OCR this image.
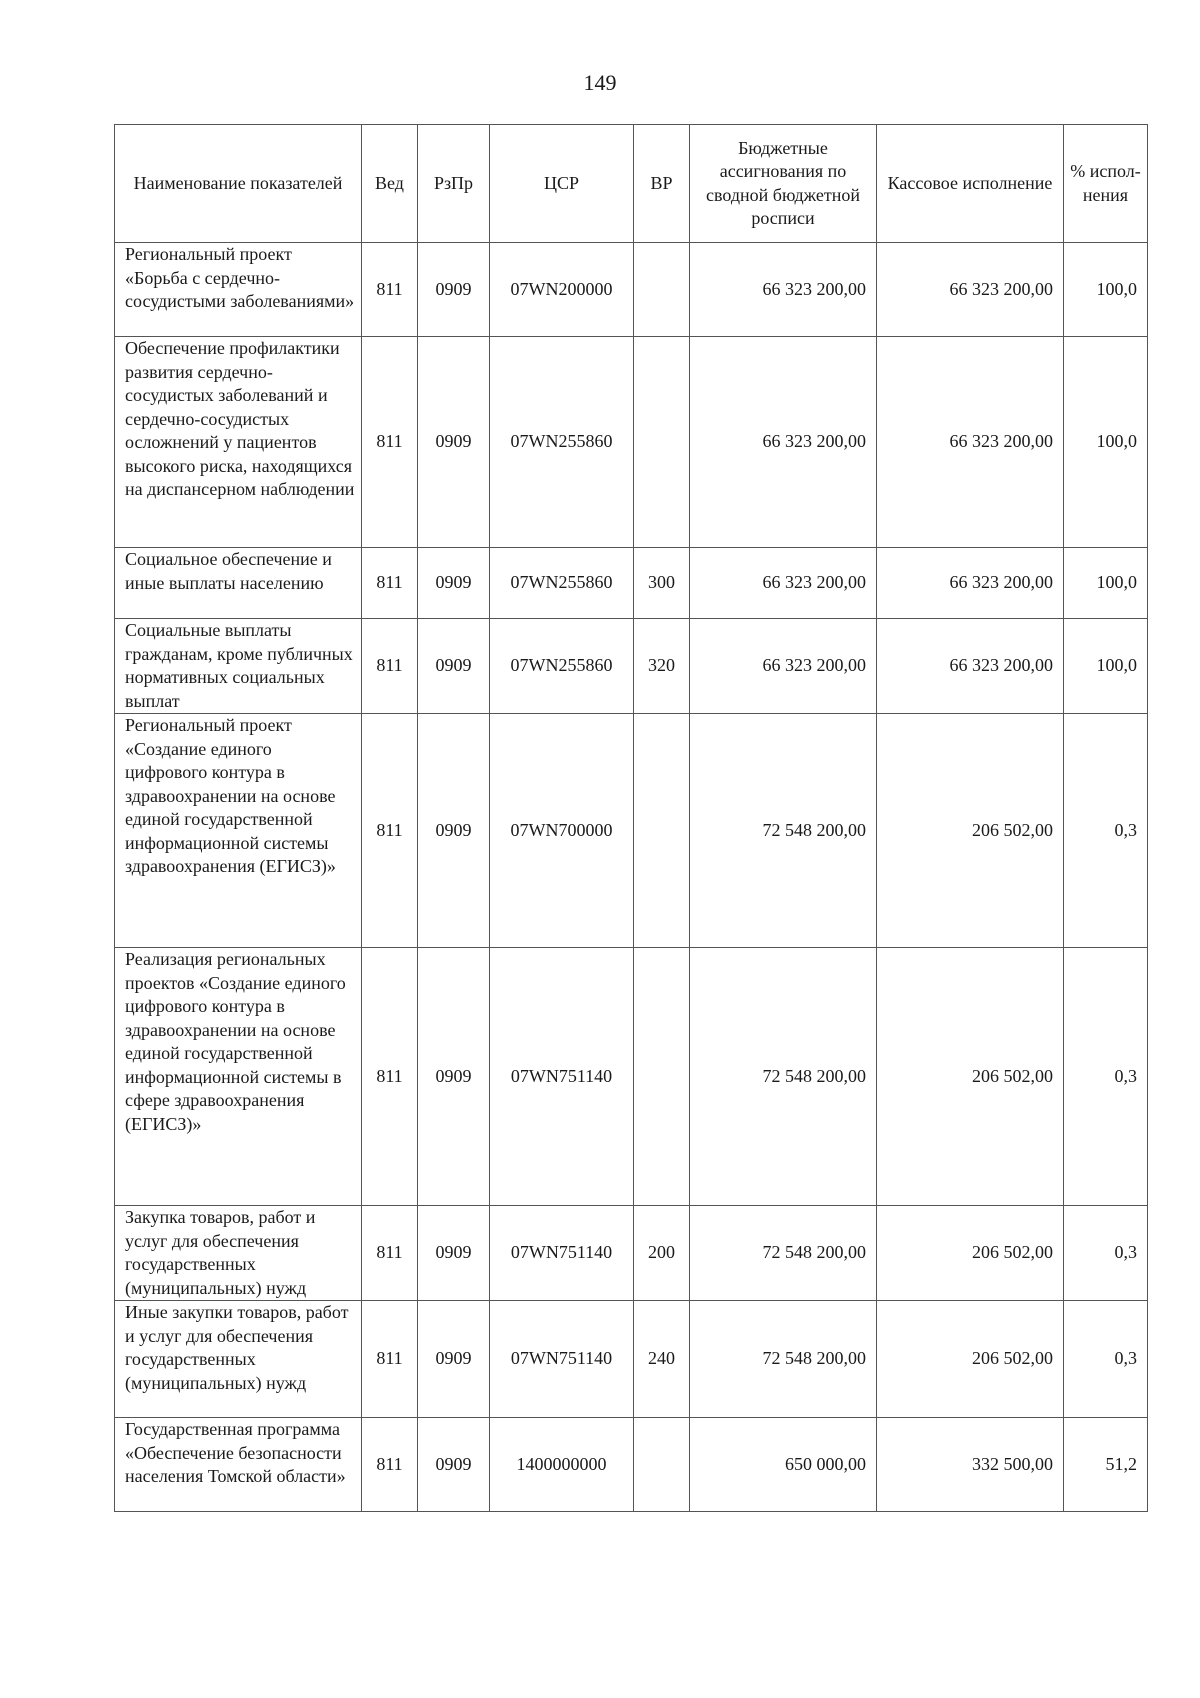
149
Наименование показателей	Вед	РзПр	ЦСР	ВР	Бюджетные ассигнования по сводной бюджетной росписи	Кассовое исполнение	% испол-нения
Региональный проект «Борьба с сердечно-сосудистыми заболеваниями»	811	0909	07WN200000		66 323 200,00	66 323 200,00	100,0
Обеспечение профилактики развития сердечно-сосудистых заболеваний и сердечно-сосудистых осложнений у пациентов высокого риска, находящихся на диспансерном наблюдении	811	0909	07WN255860		66 323 200,00	66 323 200,00	100,0
Социальное обеспечение и иные выплаты населению	811	0909	07WN255860	300	66 323 200,00	66 323 200,00	100,0
Социальные выплаты гражданам, кроме публичных нормативных социальных выплат	811	0909	07WN255860	320	66 323 200,00	66 323 200,00	100,0
Региональный проект «Создание единого цифрового контура в здравоохранении на основе единой государственной информационной системы здравоохранения (ЕГИСЗ)»	811	0909	07WN700000		72 548 200,00	206 502,00	0,3
Реализация региональных проектов «Создание единого цифрового контура в здравоохранении на основе единой государственной информационной системы в сфере здравоохранения (ЕГИСЗ)»	811	0909	07WN751140		72 548 200,00	206 502,00	0,3
Закупка товаров, работ и услуг для обеспечения государственных (муниципальных) нужд	811	0909	07WN751140	200	72 548 200,00	206 502,00	0,3
Иные закупки товаров, работ и услуг для обеспечения государственных (муниципальных) нужд	811	0909	07WN751140	240	72 548 200,00	206 502,00	0,3
Государственная программа «Обеспечение безопасности населения Томской области»	811	0909	1400000000		650 000,00	332 500,00	51,2
